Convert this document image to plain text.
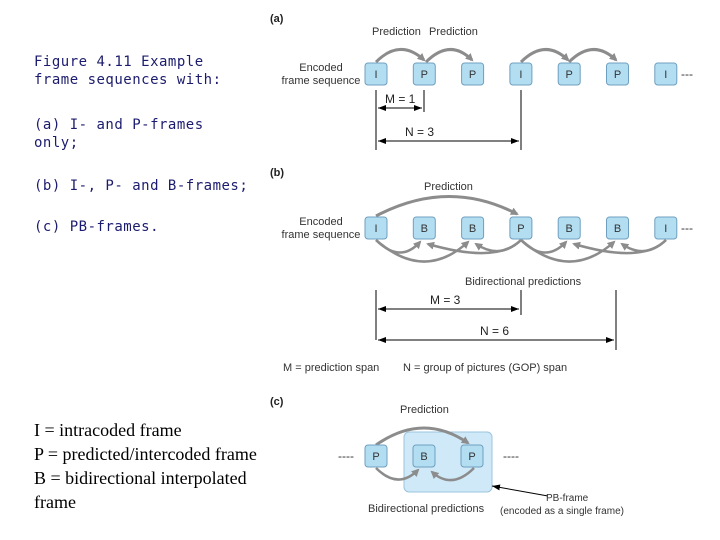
Figure 4.11 Example
frame sequences with:
(a) I- and P-frames
only;
(b) I-, P- and B-frames;
(c) PB-frames.
I = intracoded frame
P = predicted/intercoded frame
B = bidirectional interpolated
frame
(a)
Prediction Prediction
Encoded
frame sequence I	P	P	I	P	P	I ---
M = 1
N = 3
(b)
Prediction
Encoded
frame sequence I	B	B	P	B	B	I ---
Bidirectional predictions
M = 3
N = 6
M = prediction span N = group of pictures (GOP) span
(c)
Prediction
P	B	P
----	----
Bidirectional predictions
PB-frame
(encoded as a single frame)
